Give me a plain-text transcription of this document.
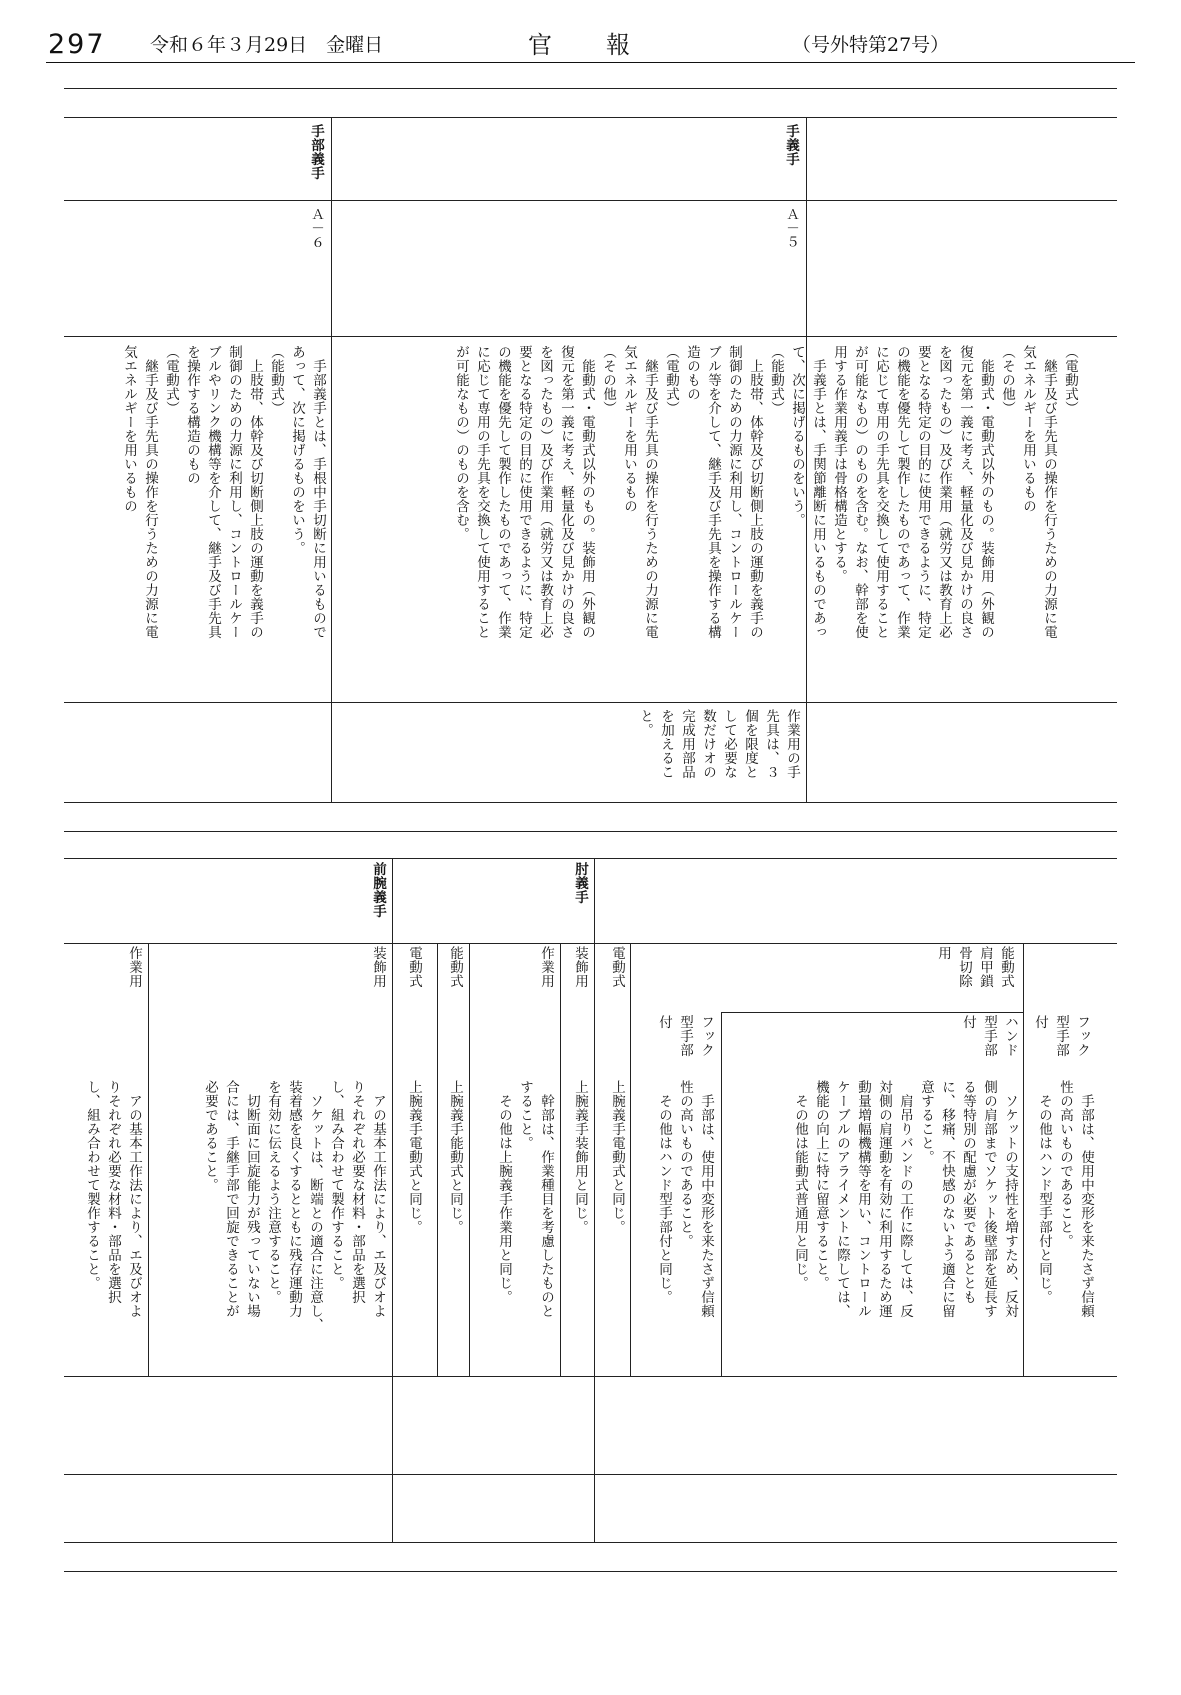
297 令和６年３月29日　金曜日	官報	（号外特第27号）
手義手
Ａ－５
（電動式）
　継手及び手先具の操作を行うための力源に電
気エネルギーを用いるもの
（その他）
　能動式・電動式以外のもの。装飾用（外観の
復元を第一義に考え、軽量化及び見かけの良さ
を図ったもの）及び作業用（就労又は教育上必
要となる特定の目的に使用できるように、特定
の機能を優先して製作したものであって、作業
に応じて専用の手先具を交換して使用すること
が可能なもの）のものを含む。なお、幹部を使
用する作業用義手は骨格構造とする。
　手義手とは、手関節離断に用いるものであっ
て、次に掲げるものをいう。
（能動式）
　上肢帯、体幹及び切断側上肢の運動を義手の
制御のための力源に利用し、コントロールケー
ブル等を介して、継手及び手先具を操作する構
造のもの
（電動式）
　継手及び手先具の操作を行うための力源に電
気エネルギーを用いるもの
（その他）
　能動式・電動式以外のもの。装飾用（外観の
復元を第一義に考え、軽量化及び見かけの良さ
を図ったもの）及び作業用（就労又は教育上必
要となる特定の目的に使用できるように、特定
の機能を優先して製作したものであって、作業
に応じて専用の手先具を交換して使用すること
が可能なもの）のものを含む。
作業用の手
先具は、３
個を限度と
して必要な
数だけオの
完成用部品
を加えるこ
と。
手部義手
Ａ－６
　手部義手とは、手根中手切断に用いるもので
あって、次に掲げるものをいう。
（能動式）
　上肢帯、体幹及び切断側上肢の運動を義手の
制御のための力源に利用し、コントロールケー
ブルやリンク機構等を介して、継手及び手先具
を操作する構造のもの
（電動式）
　継手及び手先具の操作を行うための力源に電
気エネルギーを用いるもの
能動式
肩甲鎖
骨切除
用
フック
型手部
付
　手部は、使用中変形を来たさず信頼
性の高いものであること。
　その他はハンド型手部付と同じ。
ハンド
型手部
付
　ソケットの支持性を増すため、反対
側の肩部までソケット後壁部を延長す
る等特別の配慮が必要であるととも
に、移痛、不快感のないよう適合に留
意すること。
　肩吊りバンドの工作に際しては、反
対側の肩運動を有効に利用するため運
動量増幅機構等を用い、コントロール
ケーブルのアライメントに際しては、
機能の向上に特に留意すること。
　その他は能動式普通用と同じ。
フック
型手部
付
　手部は、使用中変形を来たさず信頼
性の高いものであること。
　その他はハンド型手部付と同じ。
電動式
上腕義手電動式と同じ。
肘義手
装飾用
上腕義手装飾用と同じ。
作業用
　幹部は、作業種目を考慮したものと
すること。
　その他は上腕義手作業用と同じ。
能動式
上腕義手能動式と同じ。
電動式
上腕義手電動式と同じ。
前腕義手
装飾用
　アの基本工作法により、エ及びオよ
りそれぞれ必要な材料・部品を選択
し、組み合わせて製作すること。
　ソケットは、断端との適合に注意し、
装着感を良くするとともに残存運動力
を有効に伝えるよう注意すること。
　切断面に回旋能力が残っていない場
合には、手継手部で回旋できることが
必要であること。
作業用
　アの基本工作法により、エ及びオよ
りそれぞれ必要な材料・部品を選択
し、組み合わせて製作すること。
